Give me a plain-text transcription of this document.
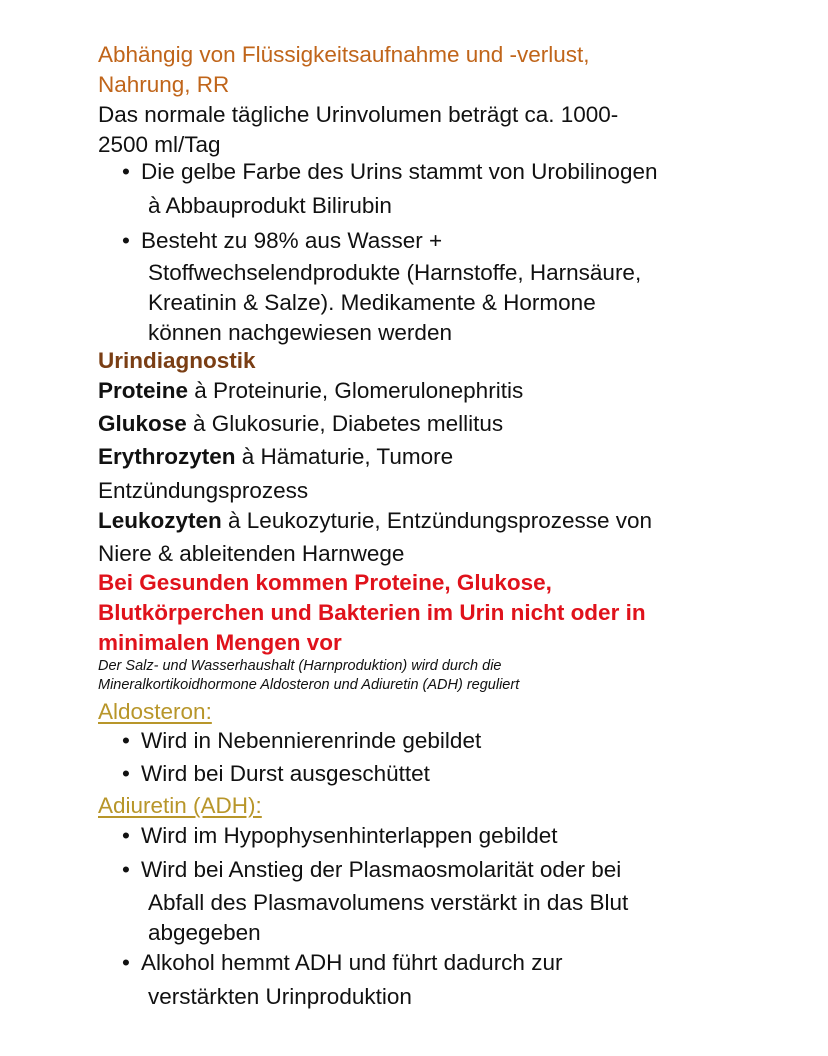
Abhängig von Flüssigkeitsaufnahme und -verlust,

Nahrung, RR

Das normale tägliche Urinvolumen beträgt ca. 1000-

2500 ml/Tag

• Die gelbe Farbe des Urins stammt von Urobilinogen

à Abbauprodukt Bilirubin

• Besteht zu 98% aus Wasser +

Stoffwechselendprodukte (Harnstoffe, Harnsäure,

Kreatinin & Salze). Medikamente & Hormone

können nachgewiesen werden

Urindiagnostik

Proteine à Proteinurie, Glomerulonephritis

Glukose à Glukosurie, Diabetes mellitus

Erythrozyten à Hämaturie, Tumore

Entzündungsprozess

Leukozyten à Leukozyturie, Entzündungsprozesse von

Niere & ableitenden Harnwege

Bei Gesunden kommen Proteine, Glukose,

Blutkörperchen und Bakterien im Urin nicht oder in

minimalen Mengen vor

Der Salz- und Wasserhaushalt (Harnproduktion) wird durch die

Mineralkortikoidhormone Aldosteron und Adiuretin (ADH) reguliert

Aldosteron:

• Wird in Nebennierenrinde gebildet

• Wird bei Durst ausgeschüttet

Adiuretin (ADH):

• Wird im Hypophysenhinterlappen gebildet

• Wird bei Anstieg der Plasmaosmolarität oder bei

Abfall des Plasmavolumens verstärkt in das Blut

abgegeben

• Alkohol hemmt ADH und führt dadurch zur

verstärkten Urinproduktion
